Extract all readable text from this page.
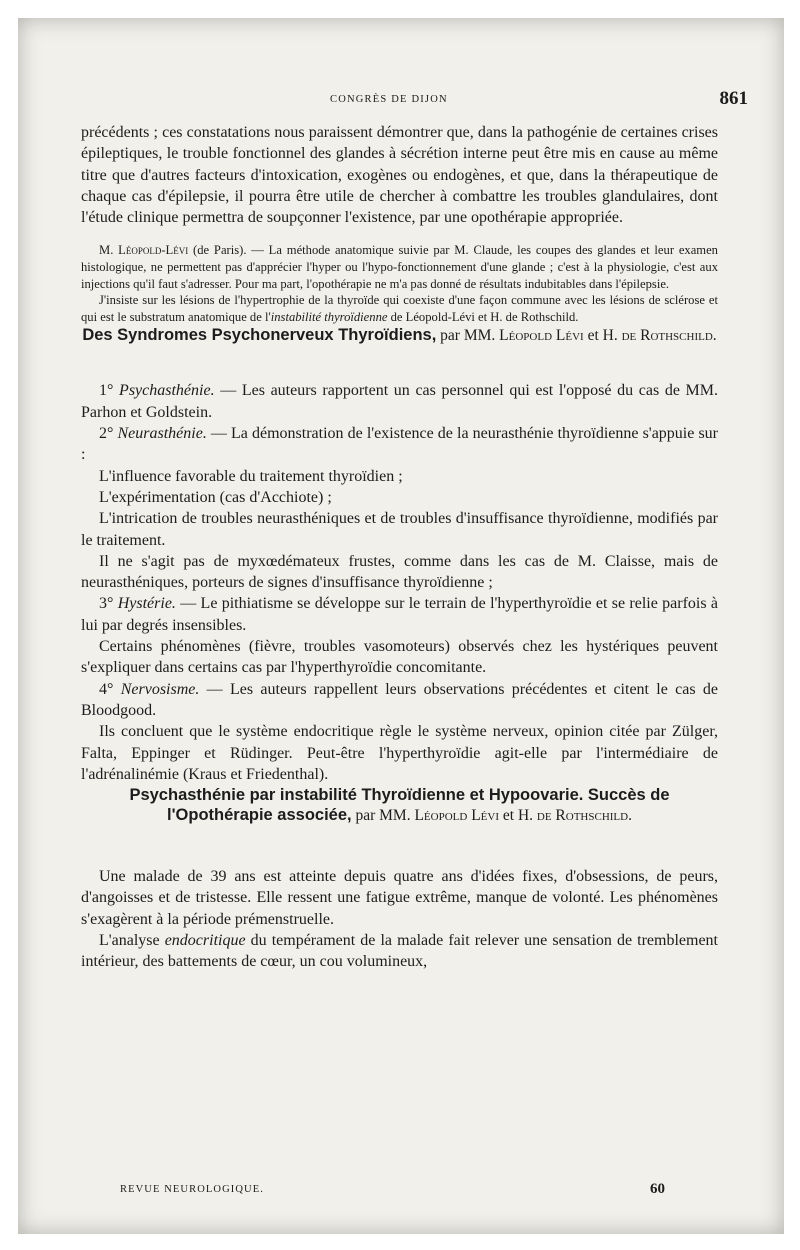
CONGRÈS DE DIJON	861

précédents ; ces constatations nous paraissent démontrer que, dans la pathogénie de certaines crises épileptiques, le trouble fonctionnel des glandes à sécrétion interne peut être mis en cause au même titre que d'autres facteurs d'intoxication, exogènes ou endogènes, et que, dans la thérapeutique de chaque cas d'épilepsie, il pourra être utile de chercher à combattre les troubles glandulaires, dont l'étude clinique permettra de soupçonner l'existence, par une opothérapie appropriée.

M. Léopold-Lévi (de Paris). — La méthode anatomique suivie par M. Claude, les coupes des glandes et leur examen histologique, ne permettent pas d'apprécier l'hyper ou l'hypo-fonctionnement d'une glande ; c'est à la physiologie, c'est aux injections qu'il faut s'adresser. Pour ma part, l'opothérapie ne m'a pas donné de résultats indubitables dans l'épilepsie.

J'insiste sur les lésions de l'hypertrophie de la thyroïde qui coexiste d'une façon commune avec les lésions de sclérose et qui est le substratum anatomique de l'instabilité thyroïdienne de Léopold-Lévi et H. de Rothschild.

Des Syndromes Psychonerveux Thyroïdiens, par MM. Léopold Lévi et H. de Rothschild.

1° Psychasthénie. — Les auteurs rapportent un cas personnel qui est l'opposé du cas de MM. Parhon et Goldstein.

2° Neurasthénie. — La démonstration de l'existence de la neurasthénie thyroïdienne s'appuie sur :

L'influence favorable du traitement thyroïdien ;

L'expérimentation (cas d'Acchiote) ;

L'intrication de troubles neurasthéniques et de troubles d'insuffisance thyroïdienne, modifiés par le traitement.

Il ne s'agit pas de myxœdémateux frustes, comme dans les cas de M. Claisse, mais de neurasthéniques, porteurs de signes d'insuffisance thyroïdienne ;

3° Hystérie. — Le pithiatisme se développe sur le terrain de l'hyperthyroïdie et se relie parfois à lui par degrés insensibles.

Certains phénomènes (fièvre, troubles vasomoteurs) observés chez les hystériques peuvent s'expliquer dans certains cas par l'hyperthyroïdie concomitante.

4° Nervosisme. — Les auteurs rappellent leurs observations précédentes et citent le cas de Bloodgood.

Ils concluent que le système endocritique règle le système nerveux, opinion citée par Zülger, Falta, Eppinger et Rüdinger. Peut-être l'hyperthyroïdie agit-elle par l'intermédiaire de l'adrénalinémie (Kraus et Friedenthal).

Psychasthénie par instabilité Thyroïdienne et Hypoovarie. Succès de l'Opothérapie associée, par MM. Léopold Lévi et H. de Rothschild.

Une malade de 39 ans est atteinte depuis quatre ans d'idées fixes, d'obsessions, de peurs, d'angoisses et de tristesse. Elle ressent une fatigue extrême, manque de volonté. Les phénomènes s'exagèrent à la période prémenstruelle.

L'analyse endocritique du tempérament de la malade fait relever une sensation de tremblement intérieur, des battements de cœur, un cou volumineux,

REVUE NEUROLOGIQUE.	60
